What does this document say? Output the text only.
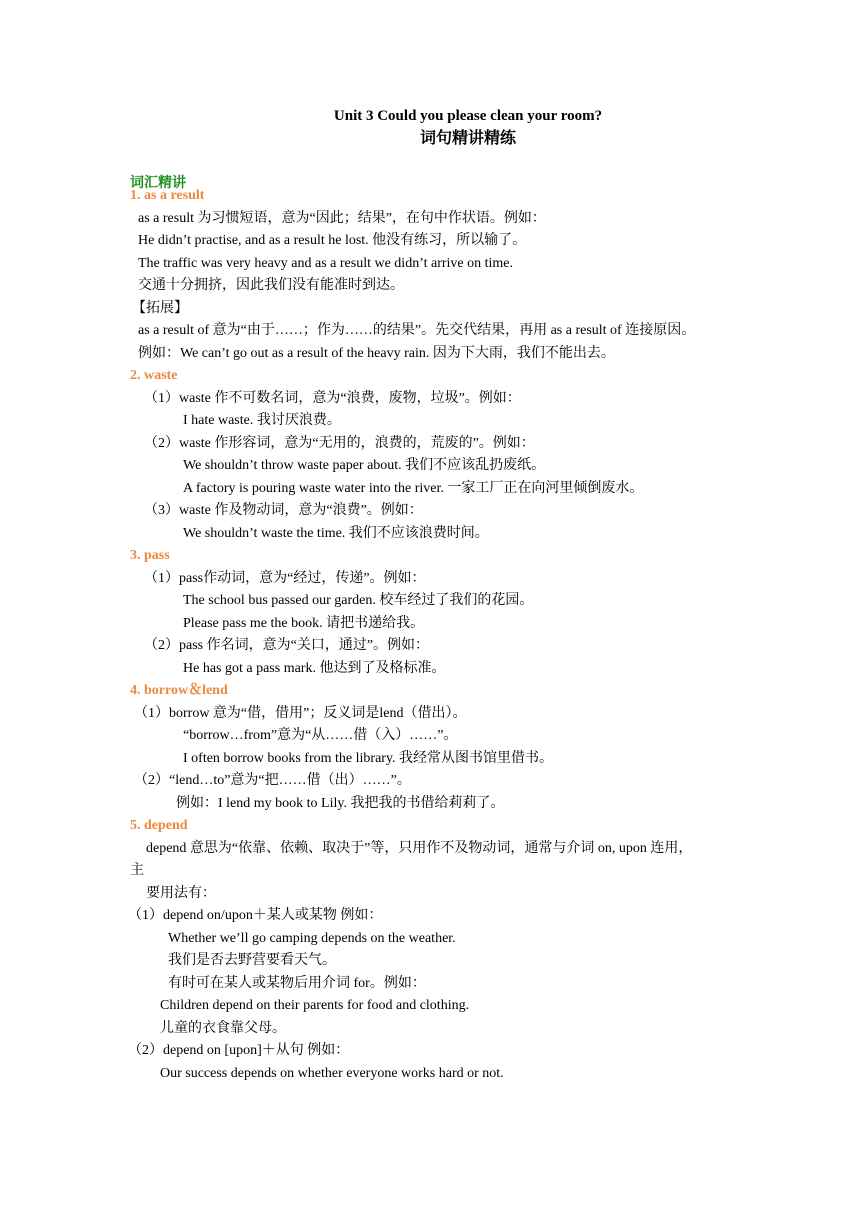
Unit 3 Could you please clean your room?
词句精讲精练
词汇精讲
1. as a result
as a result 为习惯短语，意为“因此；结果”，在句中作状语。例如：
He didn’t practise, and as a result he lost. 他没有练习，所以输了。
The traffic was very heavy and as a result we didn’t arrive on time.
交通十分拥挤，因此我们没有能准时到达。
【拓展】
as a result of 意为“由于……；作为……的结果”。先交代结果，再用 as a result of 连接原因。
例如：We can’t go out as a result of the heavy rain. 因为下大雨，我们不能出去。
2. waste
（1）waste 作不可数名词，意为“浪费，废物，垃圾”。例如：
I hate waste. 我讨厌浪费。
（2）waste 作形容词，意为“无用的，浪费的，荒废的”。例如：
We shouldn’t throw waste paper about. 我们不应该乱扔废纸。
A factory is pouring waste water into the river. 一家工厂正在向河里倾倒废水。
（3）waste 作及物动词，意为“浪费”。例如：
We shouldn’t waste the time. 我们不应该浪费时间。
3. pass
（1）pass作动词，意为“经过，传递”。例如：
The school bus passed our garden. 校车经过了我们的花园。
Please pass me the book. 请把书递给我。
（2）pass 作名词，意为“关口，通过”。例如：
He has got a pass mark. 他达到了及格标准。
4. borrow＆lend
（1）borrow 意为“借，借用”；反义词是lend（借出）。
“borrow…from”意为“从……借（入）……”。
I often borrow books from the library. 我经常从图书馆里借书。
（2）“lend…to”意为“把……借（出）……”。
例如：I lend my book to Lily. 我把我的书借给莉莉了。
5. depend
depend 意思为“依靠、依赖、取决于”等，只用作不及物动词，通常与介词 on, upon 连用，
主
要用法有：
（1）depend on/upon＋某人或某物 例如：
Whether we’ll go camping depends on the weather.
我们是否去野营要看天气。
有时可在某人或某物后用介词 for。例如：
Children depend on their parents for food and clothing.
儿童的衣食靠父母。
（2）depend on [upon]＋从句 例如：
Our success depends on whether everyone works hard or not.
